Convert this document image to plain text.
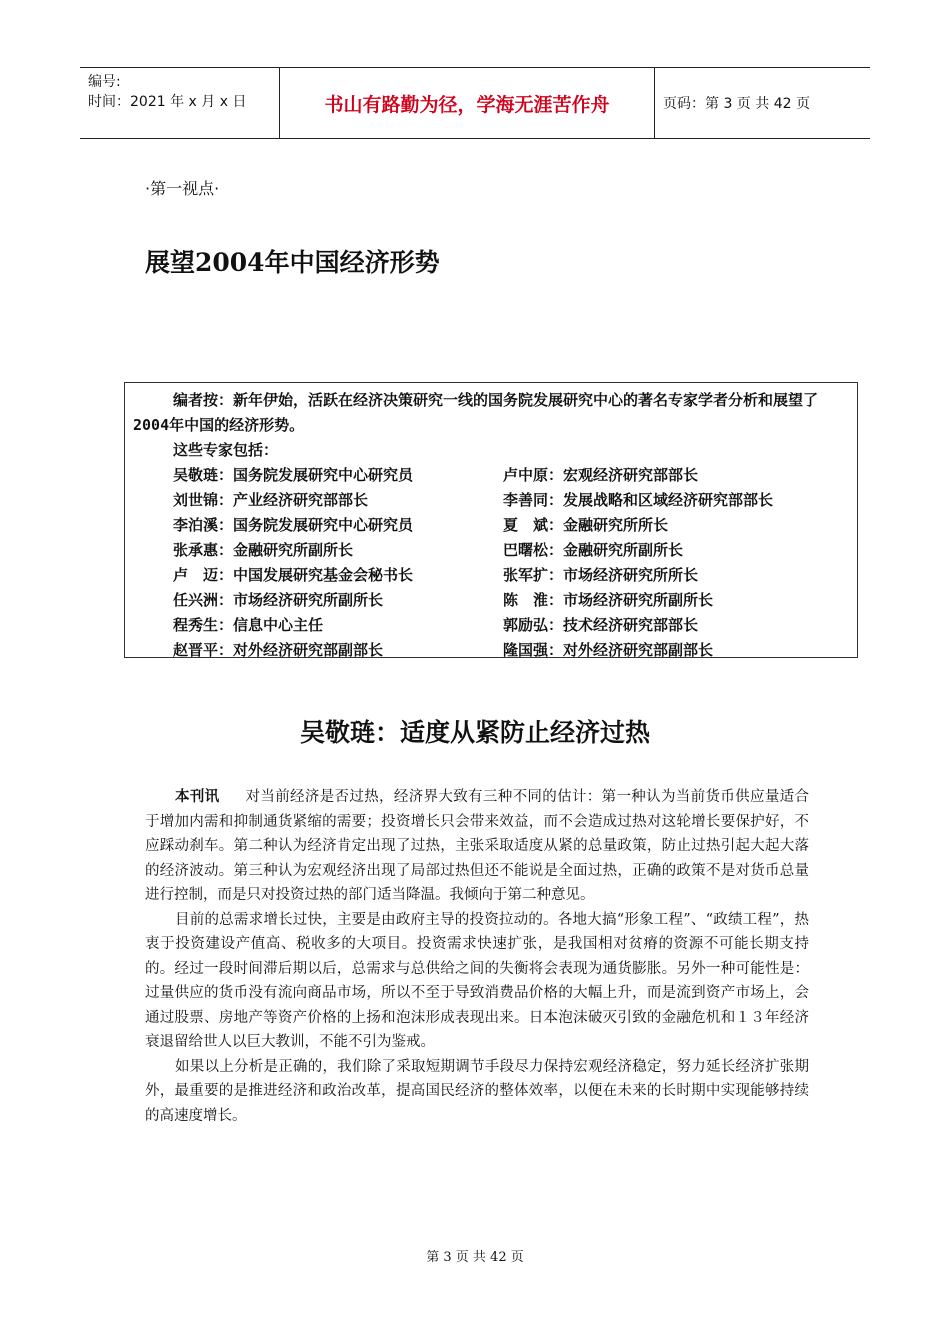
编号:
时间：2021 年 x 月 x 日	书山有路勤为径，学海无涯苦作舟	页码：第 3 页 共 42 页
·第一视点·
展望2004年中国经济形势
编者按：新年伊始，活跃在经济决策研究一线的国务院发展研究中心的著名专家学者分析和展望了2004年中国的经济形势。
这些专家包括：
吴敬琏：国务院发展研究中心研究员	卢中原：宏观经济研究部部长
刘世锦：产业经济研究部部长	李善同：发展战略和区域经济研究部部长
李泊溪：国务院发展研究中心研究员	夏　斌：金融研究所所长
张承惠：金融研究所副所长	巴曙松：金融研究所副所长
卢　迈：中国发展研究基金会秘书长	张军扩：市场经济研究所所长
任兴洲：市场经济研究所副所长	陈　淮：市场经济研究所副所长
程秀生：信息中心主任	郭励弘：技术经济研究部部长
赵晋平：对外经济研究部副部长	隆国强：对外经济研究部副部长
吴敬琏：适度从紧防止经济过热

本刊讯 对当前经济是否过热，经济界大致有三种不同的估计：第一种认为当前货币供应量适合于增加内需和抑制通货紧缩的需要；投资增长只会带来效益，而不会造成过热对这轮增长要保护好，不应踩动刹车。第二种认为经济肯定出现了过热，主张采取适度从紧的总量政策，防止过热引起大起大落的经济波动。第三种认为宏观经济出现了局部过热但还不能说是全面过热，正确的政策不是对货币总量进行控制，而是只对投资过热的部门适当降温。我倾向于第二种意见。

目前的总需求增长过快，主要是由政府主导的投资拉动的。各地大搞“形象工程”、“政绩工程”，热衷于投资建设产值高、税收多的大项目。投资需求快速扩张，是我国相对贫瘠的资源不可能长期支持的。经过一段时间滞后期以后，总需求与总供给之间的失衡将会表现为通货膨胀。另外一种可能性是：过量供应的货币没有流向商品市场，所以不至于导致消费品价格的大幅上升，而是流到资产市场上，会通过股票、房地产等资产价格的上扬和泡沫形成表现出来。日本泡沫破灭引致的金融危机和１３年经济衰退留给世人以巨大教训，不能不引为鉴戒。

如果以上分析是正确的，我们除了采取短期调节手段尽力保持宏观经济稳定，努力延长经济扩张期外，最重要的是推进经济和政治改革，提高国民经济的整体效率，以便在未来的长时期中实现能够持续的高速度增长。

第 3 页 共 42 页
